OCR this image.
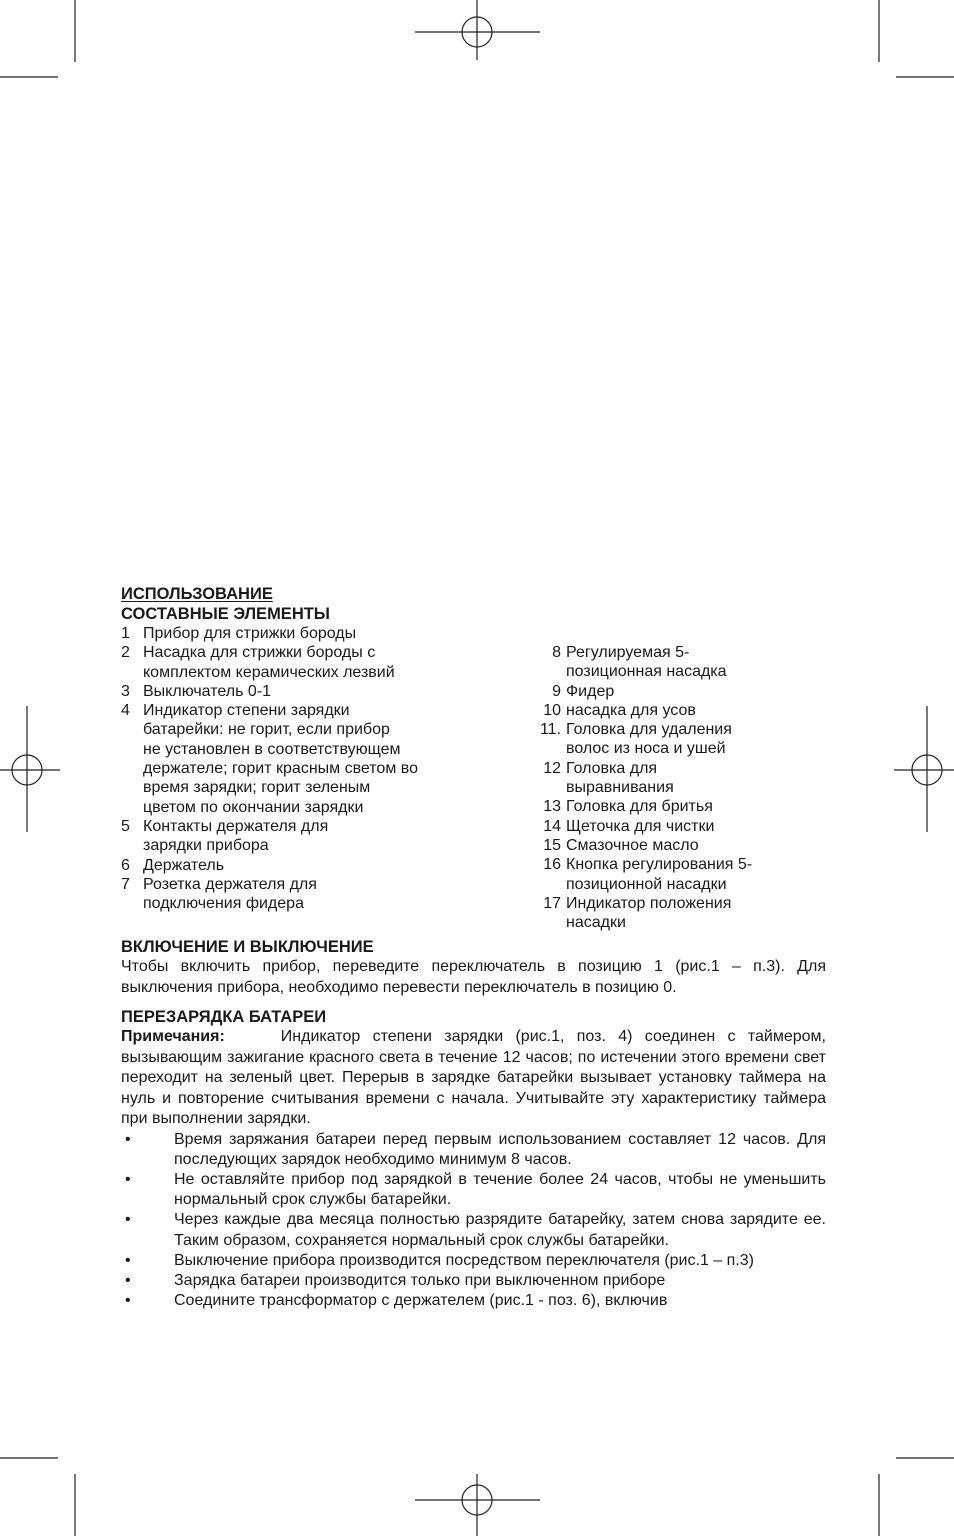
ИСПОЛЬЗОВАНИЕ
СОСТАВНЫЕ ЭЛЕМЕНТЫ
1 Прибор для стрижки бороды
2 Насадка для стрижки бороды с
комплектом керамических лезвий
3 Выключатель 0-1
4 Индикатор степени зарядки
батарейки: не горит, если прибор
не установлен в соответствующем
держателе; горит красным светом во
время зарядки; горит зеленым
цветом по окончании зарядки
5 Контакты держателя для
зарядки прибора
6 Держатель
7 Розетка держателя для
подключения фидера
8 Регулируемая 5-
позиционная насадка
9 Фидер
10 насадка для усов
11. Головка для удаления
волос из носа и ушей
12 Головка для
выравнивания
13 Головка для бритья
14 Щеточка для чистки
15 Смазочное масло
16 Кнопка регулирования 5-
позиционной насадки
17 Индикатор положения
насадки
ВКЛЮЧЕНИЕ И ВЫКЛЮЧЕНИЕ

Чтобы включить прибор, переведите переключатель в позицию 1 (рис.1 – п.3). Для выключения прибора, необходимо перевести переключатель в позицию 0.

ПЕРЕЗАРЯДКА БАТАРЕИ

Примечания:	Индикатор степени зарядки (рис.1, поз. 4) соединен с таймером, вызывающим зажигание красного света в течение 12 часов; по истечении этого времени свет переходит на зеленый цвет. Перерыв в зарядке батарейки вызывает установку таймера на нуль и повторение считывания времени с начала. Учитывайте эту характеристику таймера при выполнении зарядки.

•	Время заряжания батареи перед первым использованием составляет 12 часов. Для последующих зарядок необходимо минимум 8 часов.
•	Не оставляйте прибор под зарядкой в течение более 24 часов, чтобы не уменьшить нормальный срок службы батарейки.
•	Через каждые два месяца полностью разрядите батарейку, затем снова зарядите ее. Таким образом, сохраняется нормальный срок службы батарейки.
•	Выключение прибора производится посредством переключателя (рис.1 – п.3)
•	Зарядка батареи производится только при выключенном приборе
•	Соедините трансформатор с держателем (рис.1 - поз. 6), включив
